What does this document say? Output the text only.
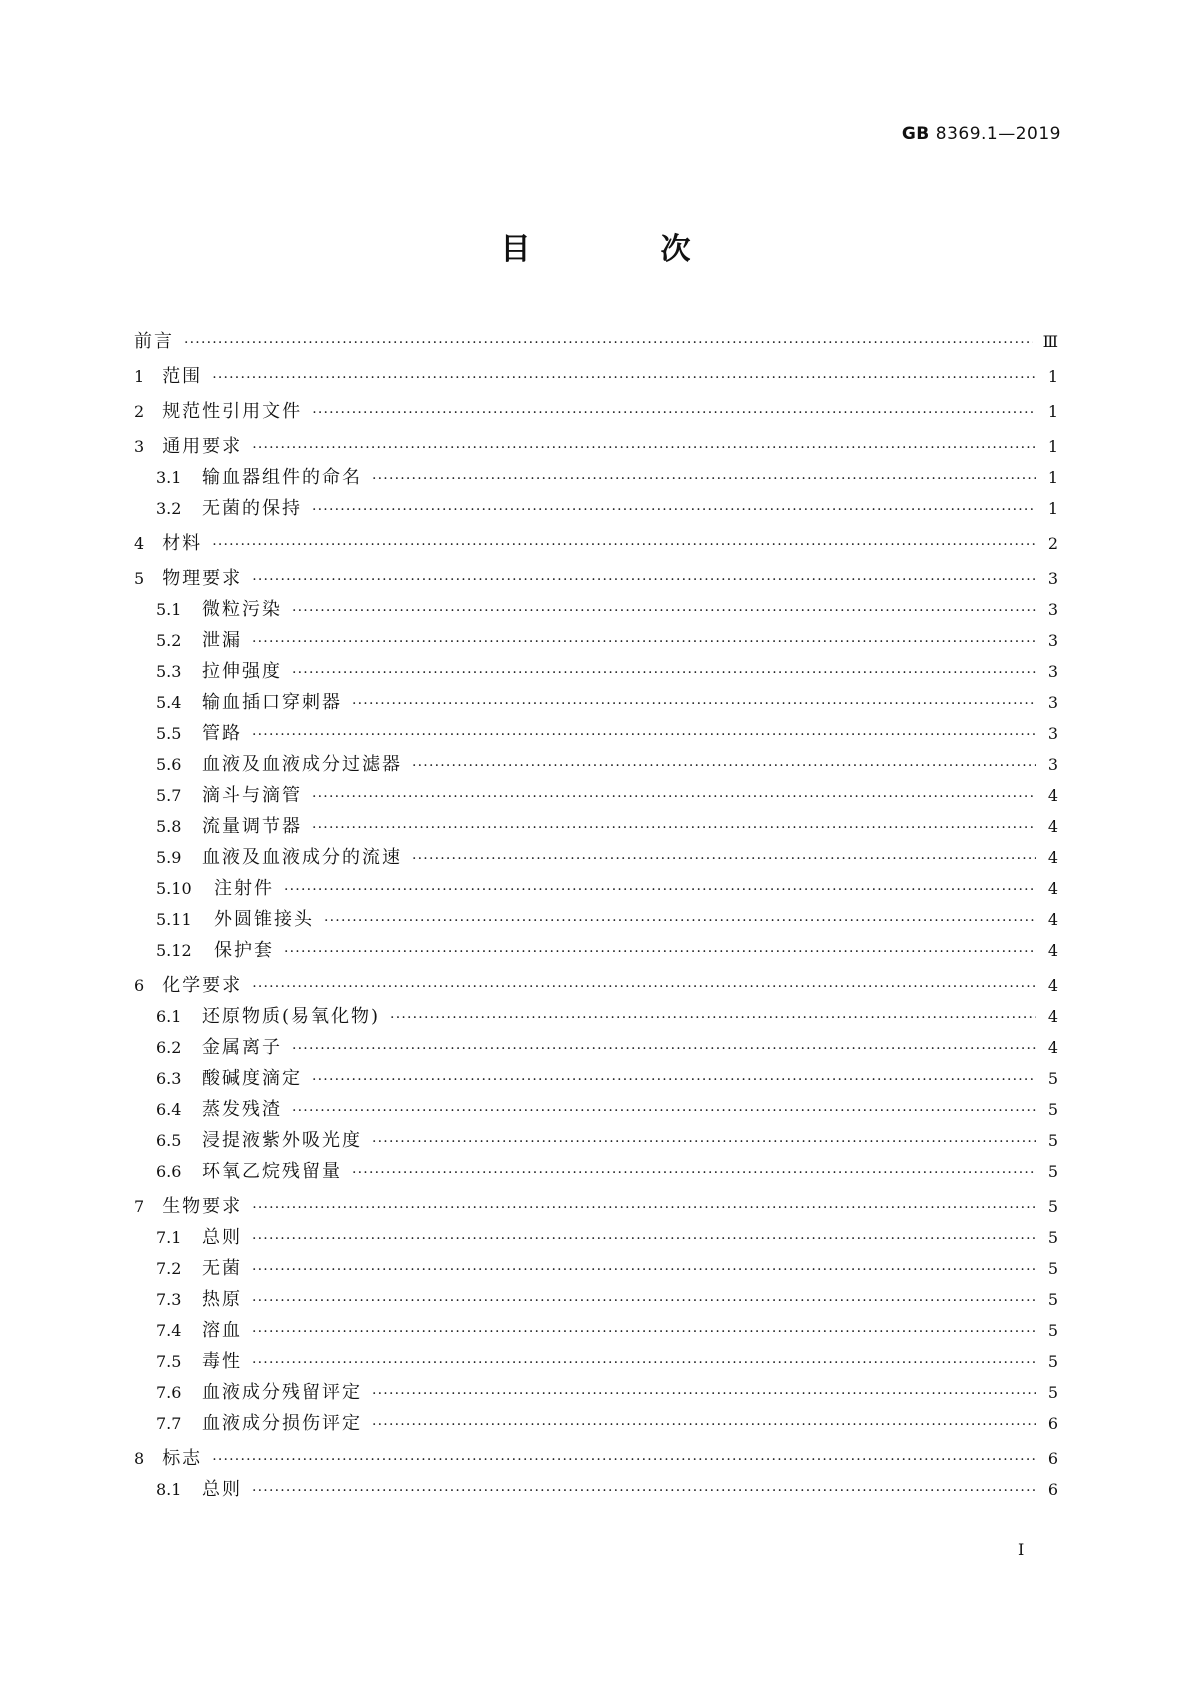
GB 8369.1—2019
目　次
前言 ·····	Ⅲ
1 范围 ·····	1
2 规范性引用文件 ·····	1
3 通用要求 ·····	1
3.1	输血器组件的命名 ·····	1
3.2	无菌的保持 ·····	1
4 材料 ·····	2
5 物理要求 ·····	3
5.1	微粒污染 ·····	3
5.2	泄漏 ·····	3
5.3	拉伸强度 ·····	3
5.4	输血插口穿刺器 ·····	3
5.5	管路 ·····	3
5.6	血液及血液成分过滤器 ·····	3
5.7	滴斗与滴管 ·····	4
5.8	流量调节器 ·····	4
5.9	血液及血液成分的流速 ·····	4
5.10	注射件 ·····	4
5.11	外圆锥接头 ·····	4
5.12	保护套 ·····	4
6 化学要求 ·····	4
6.1	还原物质(易氧化物) ·····	4
6.2	金属离子 ·····	4
6.3	酸碱度滴定 ·····	5
6.4	蒸发残渣 ·····	5
6.5	浸提液紫外吸光度 ·····	5
6.6	环氧乙烷残留量 ·····	5
7 生物要求 ·····	5
7.1	总则 ·····	5
7.2	无菌 ·····	5
7.3	热原 ·····	5
7.4	溶血 ·····	5
7.5	毒性 ·····	5
7.6	血液成分残留评定 ·····	5
7.7	血液成分损伤评定 ·····	6
8 标志 ·····	6
8.1	总则 ·····	6
I
